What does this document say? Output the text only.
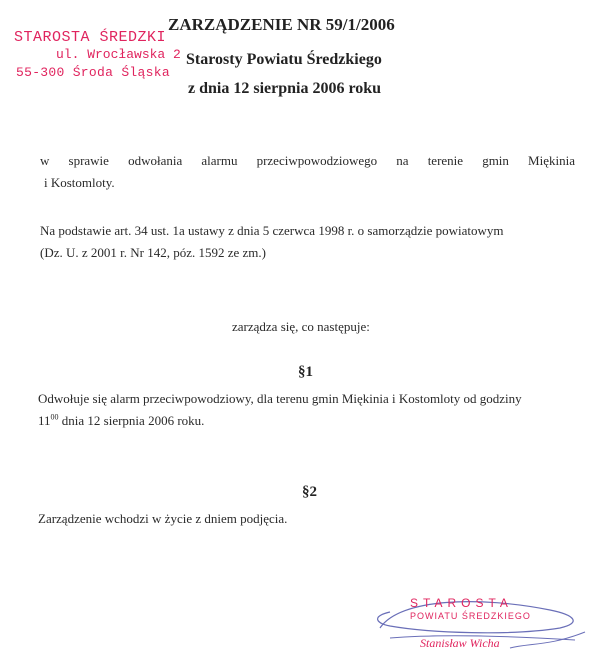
STAROSTA ŚREDZKI
ul. Wrocławska 2
55-300 Środa Śląska
ZARZĄDZENIE NR 59/1/2006
Starosty Powiatu Średzkiego
z dnia 12 sierpnia 2006 roku
w sprawie odwołania alarmu przeciwpowodziowego na terenie gmin Miękinia
i Kostomloty.
Na podstawie art. 34 ust. 1a ustawy z dnia 5 czerwca 1998 r. o samorządzie powiatowym
(Dz. U. z 2001 r. Nr 142, póz. 1592 ze zm.)
zarządza się, co następuje:
§1
Odwołuje się alarm przeciwpowodziowy, dla terenu gmin Miękinia i Kostomloty od godziny
$11^{00}$ dnia 12 sierpnia 2006 roku.
§2
Zarządzenie wchodzi w życie z dniem podjęcia.
STAROSTA
POWIATU ŚREDZKIEGO
Stanisław Wicha
